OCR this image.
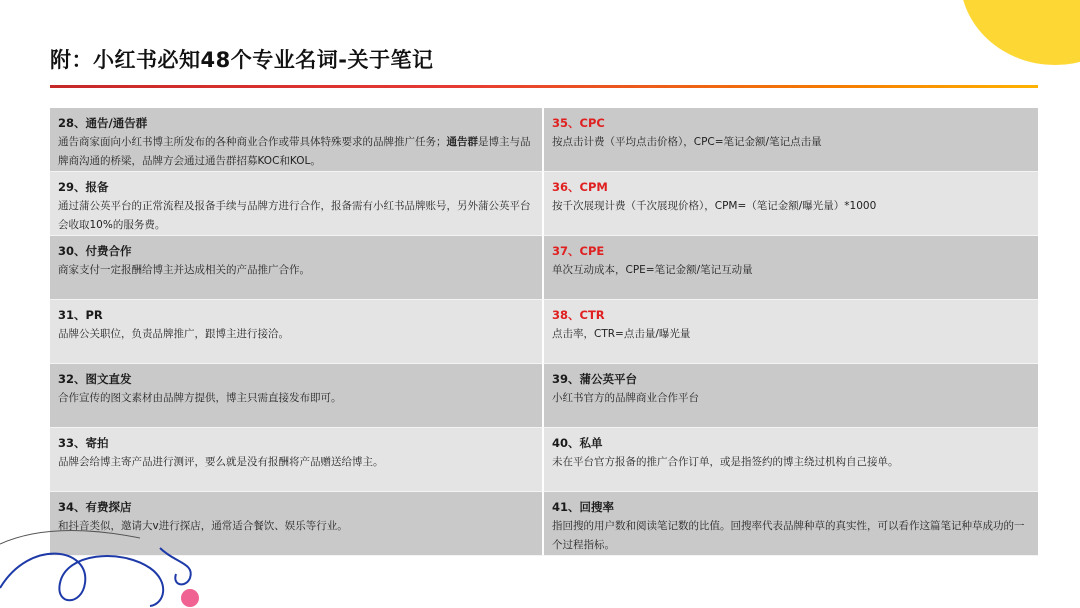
附：小红书必知48个专业名词-关于笔记
28、通告/通告群
通告商家面向小红书博主所发布的各种商业合作或带具体特殊要求的品牌推广任务；通告群是博主与品牌商沟通的桥梁，品牌方会通过通告群招募KOC和KOL。
35、CPC
按点击计费（平均点击价格），CPC=笔记金额/笔记点击量
29、报备
通过蒲公英平台的正常流程及报备手续与品牌方进行合作，报备需有小红书品牌账号，另外蒲公英平台会收取10%的服务费。
36、CPM
按千次展现计费（千次展现价格），CPM=（笔记金额/曝光量）*1000
30、付费合作
商家支付一定报酬给博主并达成相关的产品推广合作。
37、CPE
单次互动成本，CPE=笔记金额/笔记互动量
31、PR
品牌公关职位，负责品牌推广，跟博主进行接洽。
38、CTR
点击率，CTR=点击量/曝光量
32、图文直发
合作宣传的图文素材由品牌方提供，博主只需直接发布即可。
39、蒲公英平台
小红书官方的品牌商业合作平台
33、寄拍
品牌会给博主寄产品进行测评，要么就是没有报酬将产品赠送给博主。
40、私单
未在平台官方报备的推广合作订单，或是指签约的博主绕过机构自己接单。
34、有费探店
和抖音类似，邀请大v进行探店，通常适合餐饮、娱乐等行业。
41、回搜率
指回搜的用户数和阅读笔记数的比值。回搜率代表品牌种草的真实性，可以看作这篇笔记种草成功的一个过程指标。
